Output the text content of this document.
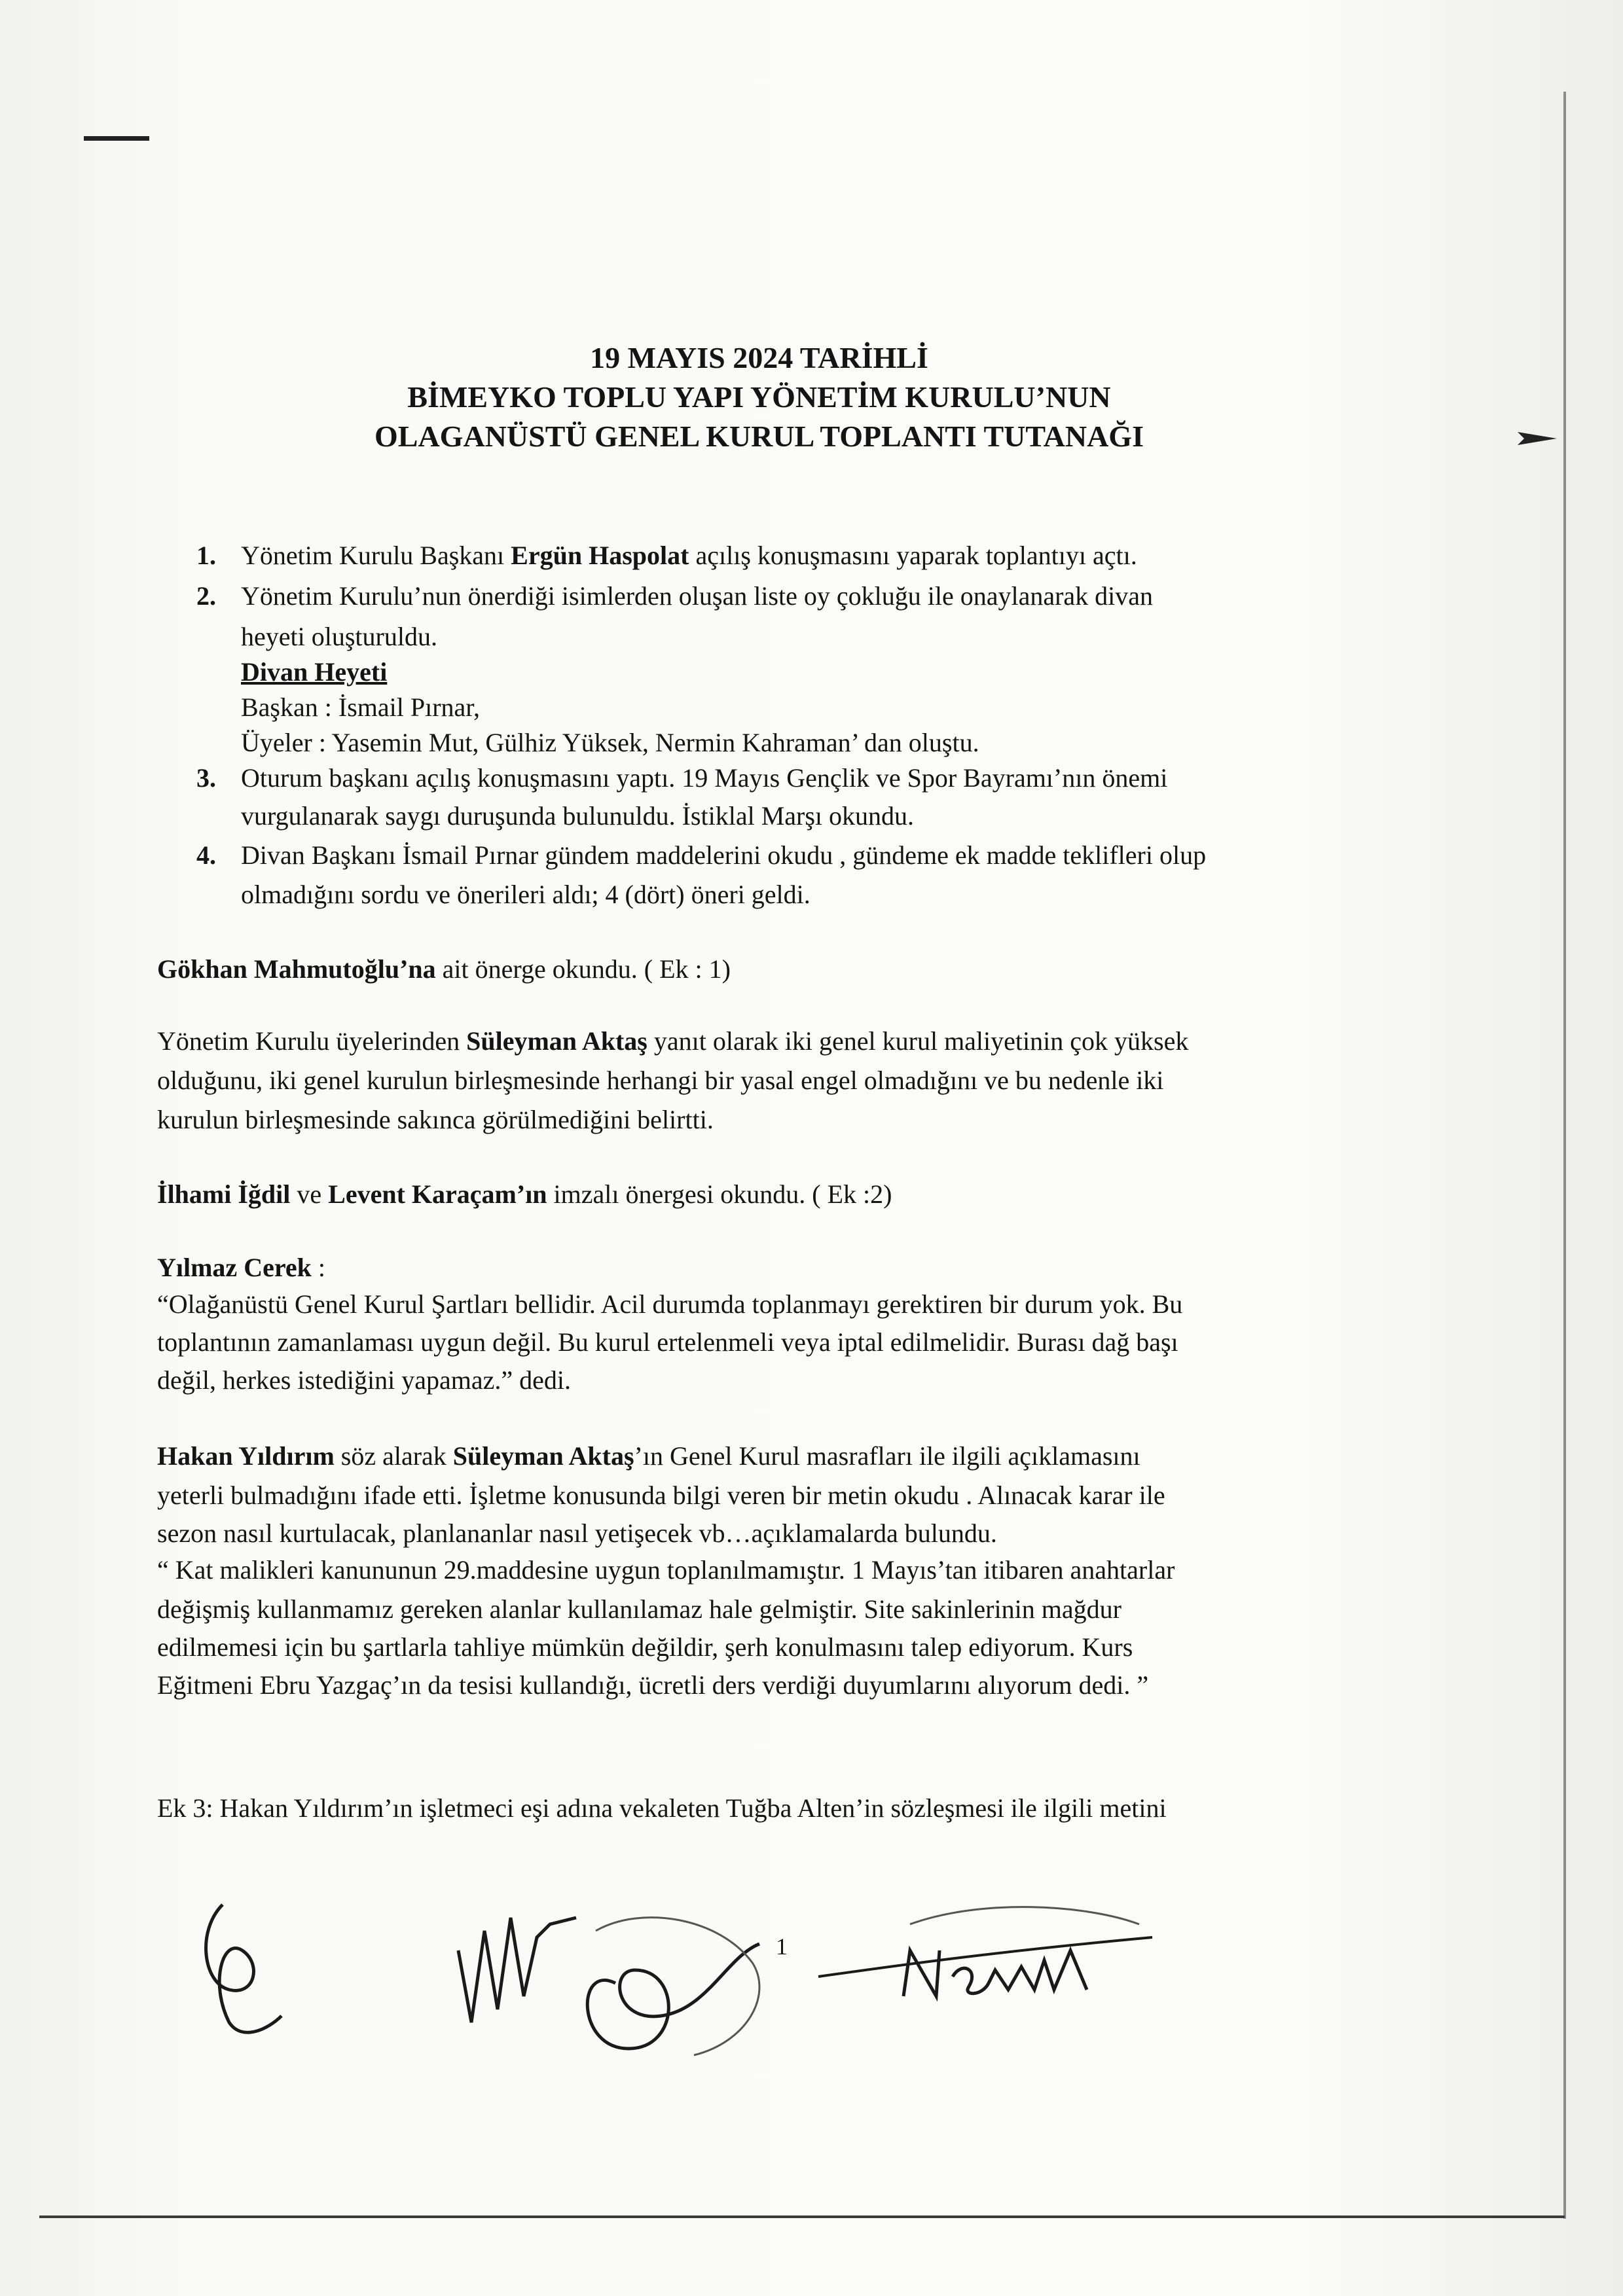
19 MAYIS 2024 TARİHLİ
BİMEYKO TOPLU YAPI YÖNETİM KURULU’NUN
OLAGANÜSTÜ GENEL KURUL TOPLANTI TUTANAĞI
1. Yönetim Kurulu Başkanı Ergün Haspolat açılış konuşmasını yaparak toplantıyı açtı.
2. Yönetim Kurulu’nun önerdiği isimlerden oluşan liste oy çokluğu ile onaylanarak divan
heyeti oluşturuldu.
Divan Heyeti
Başkan : İsmail Pırnar,
Üyeler : Yasemin Mut, Gülhiz Yüksek, Nermin Kahraman’ dan oluştu.
3. Oturum başkanı açılış konuşmasını yaptı. 19 Mayıs Gençlik ve Spor Bayramı’nın önemi
vurgulanarak saygı duruşunda bulunuldu. İstiklal Marşı okundu.
4. Divan Başkanı İsmail Pırnar gündem maddelerini okudu , gündeme ek madde teklifleri olup
olmadığını sordu ve önerileri aldı; 4 (dört) öneri geldi.
Gökhan Mahmutoğlu’na ait önerge okundu. ( Ek : 1)
Yönetim Kurulu üyelerinden Süleyman Aktaş yanıt olarak iki genel kurul maliyetinin çok yüksek
olduğunu, iki genel kurulun birleşmesinde herhangi bir yasal engel olmadığını ve bu nedenle iki
kurulun birleşmesinde sakınca görülmediğini belirtti.
İlhami İğdil ve Levent Karaçam’ın imzalı önergesi okundu. ( Ek :2)
Yılmaz Cerek :
“Olağanüstü Genel Kurul Şartları bellidir. Acil durumda toplanmayı gerektiren bir durum yok. Bu
toplantının zamanlaması uygun değil. Bu kurul ertelenmeli veya iptal edilmelidir. Burası dağ başı
değil, herkes istediğini yapamaz.” dedi.
Hakan Yıldırım söz alarak Süleyman Aktaş’ın Genel Kurul masrafları ile ilgili açıklamasını
yeterli bulmadığını ifade etti. İşletme konusunda bilgi veren bir metin okudu . Alınacak karar ile
sezon nasıl kurtulacak, planlananlar nasıl yetişecek vb…açıklamalarda bulundu.
“ Kat malikleri kanununun 29.maddesine uygun toplanılmamıştır. 1 Mayıs’tan itibaren anahtarlar
değişmiş kullanmamız gereken alanlar kullanılamaz hale gelmiştir. Site sakinlerinin mağdur
edilmemesi için bu şartlarla tahliye mümkün değildir, şerh konulmasını talep ediyorum. Kurs
Eğitmeni Ebru Yazgaç’ın da tesisi kullandığı, ücretli ders verdiği duyumlarını alıyorum dedi. ”
Ek 3: Hakan Yıldırım’ın işletmeci eşi adına vekaleten Tuğba Alten’in sözleşmesi ile ilgili metini
1
